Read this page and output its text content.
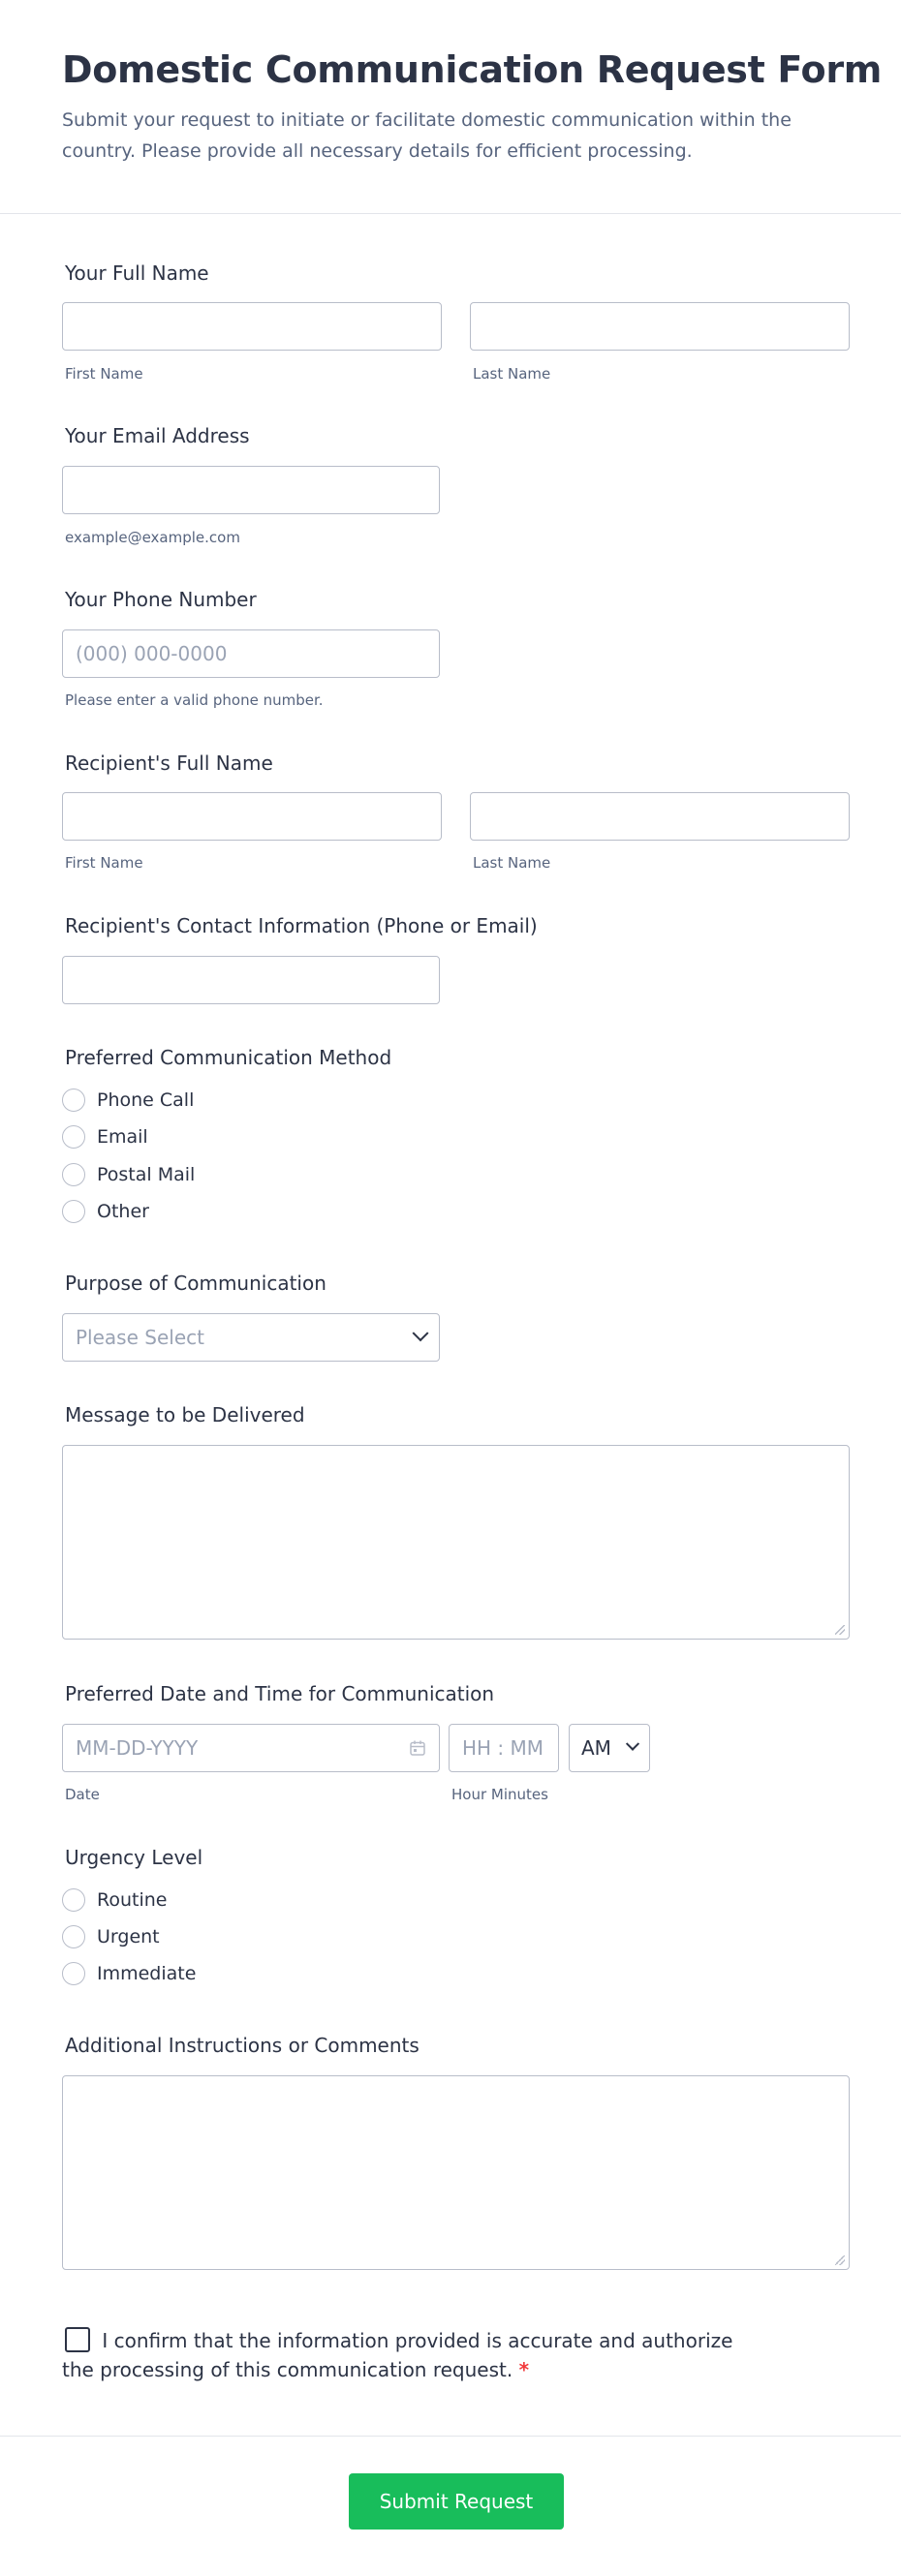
Domestic Communication Request Form

Submit your request to initiate or facilitate domestic communication within the country. Please provide all necessary details for efficient processing.

Your Full Name
First Name	Last Name
Your Email Address
example@example.com
Your Phone Number
(000) 000-0000
Please enter a valid phone number.
Recipient's Full Name
First Name	Last Name
Recipient's Contact Information (Phone or Email)
Preferred Communication Method
Phone Call
Email
Postal Mail
Other
Purpose of Communication
Please Select
Message to be Delivered
Preferred Date and Time for Communication
MM-DD-YYYY	HH : MM AM
Date	Hour Minutes
Urgency Level
Routine
Urgent
Immediate
Additional Instructions or Comments
I confirm that the information provided is accurate and authorize the processing of this communication request. *
Submit Request
